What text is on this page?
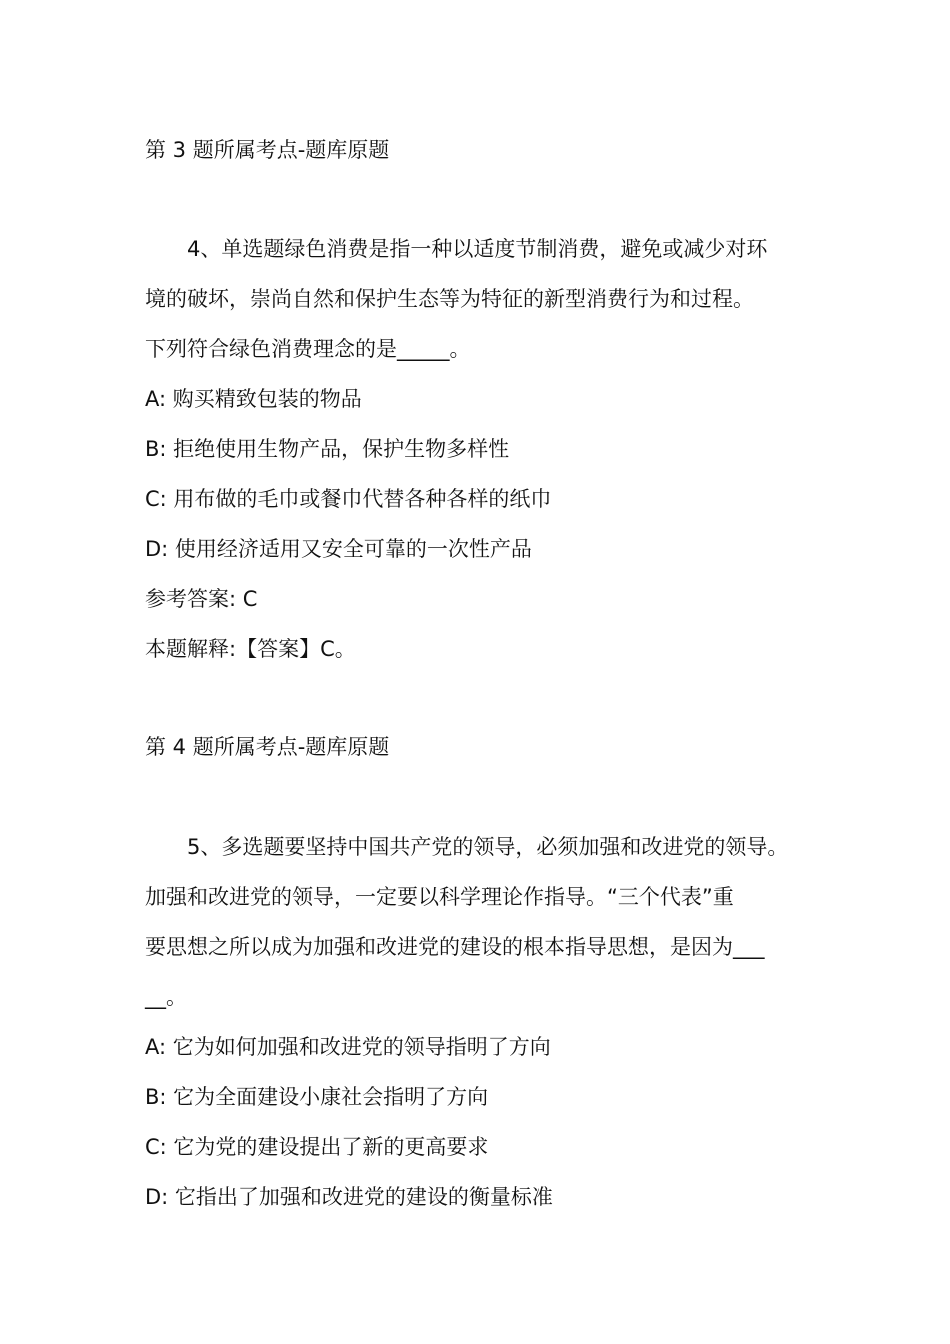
第 3 题所属考点-题库原题
4、单选题绿色消费是指一种以适度节制消费，避免或减少对环
境的破坏，崇尚自然和保护生态等为特征的新型消费行为和过程。
下列符合绿色消费理念的是_____。
A: 购买精致包装的物品
B: 拒绝使用生物产品，保护生物多样性
C: 用布做的毛巾或餐巾代替各种各样的纸巾
D: 使用经济适用又安全可靠的一次性产品
参考答案: C
本题解释:【答案】C。
第 4 题所属考点-题库原题
5、多选题要坚持中国共产党的领导，必须加强和改进党的领导。
加强和改进党的领导，一定要以科学理论作指导。“三个代表”重
要思想之所以成为加强和改进党的建设的根本指导思想，是因为___
__。
A: 它为如何加强和改进党的领导指明了方向
B: 它为全面建设小康社会指明了方向
C: 它为党的建设提出了新的更高要求
D: 它指出了加强和改进党的建设的衡量标准
